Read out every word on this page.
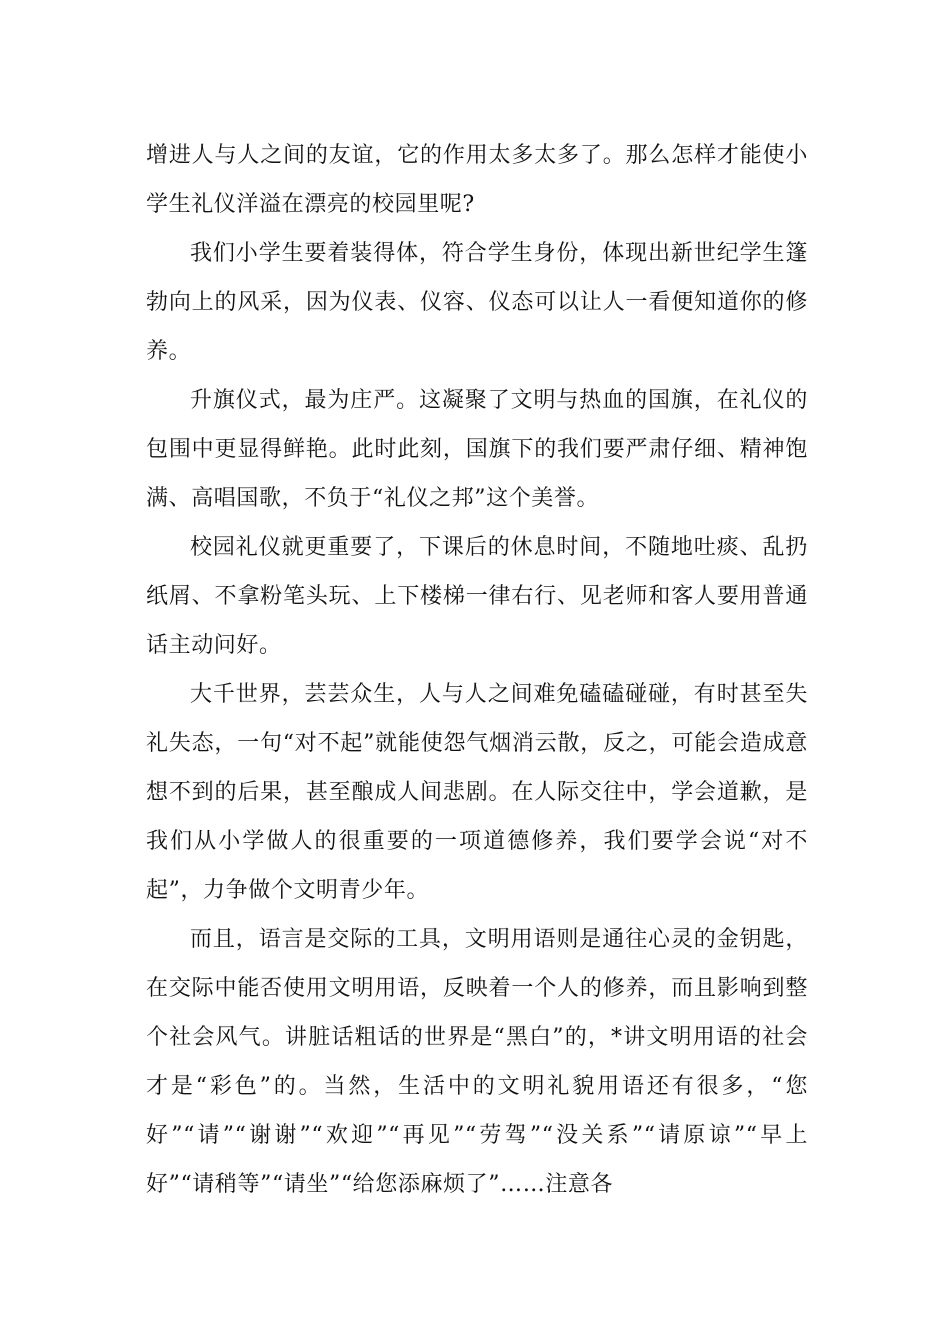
增进人与人之间的友谊，它的作用太多太多了。那么怎样才能使小学生礼仪洋溢在漂亮的校园里呢?

我们小学生要着装得体，符合学生身份，体现出新世纪学生篷勃向上的风采，因为仪表、仪容、仪态可以让人一看便知道你的修养。

升旗仪式，最为庄严。这凝聚了文明与热血的国旗，在礼仪的包围中更显得鲜艳。此时此刻，国旗下的我们要严肃仔细、精神饱满、高唱国歌，不负于“礼仪之邦”这个美誉。

校园礼仪就更重要了，下课后的休息时间，不随地吐痰、乱扔纸屑、不拿粉笔头玩、上下楼梯一律右行、见老师和客人要用普通话主动问好。

大千世界，芸芸众生，人与人之间难免磕磕碰碰，有时甚至失礼失态，一句“对不起”就能使怨气烟消云散，反之，可能会造成意想不到的后果，甚至酿成人间悲剧。在人际交往中，学会道歉，是我们从小学做人的很重要的一项道德修养，我们要学会说“对不起”，力争做个文明青少年。

而且，语言是交际的工具，文明用语则是通往心灵的金钥匙，在交际中能否使用文明用语，反映着一个人的修养，而且影响到整个社会风气。讲脏话粗话的世界是“黑白”的，*讲文明用语的社会才是“彩色”的。当然，生活中的文明礼貌用语还有很多，“您好”“请”“谢谢”“欢迎”“再见”“劳驾”“没关系”“请原谅”“早上好”“请稍等”“请坐”“给您添麻烦了”……注意各
